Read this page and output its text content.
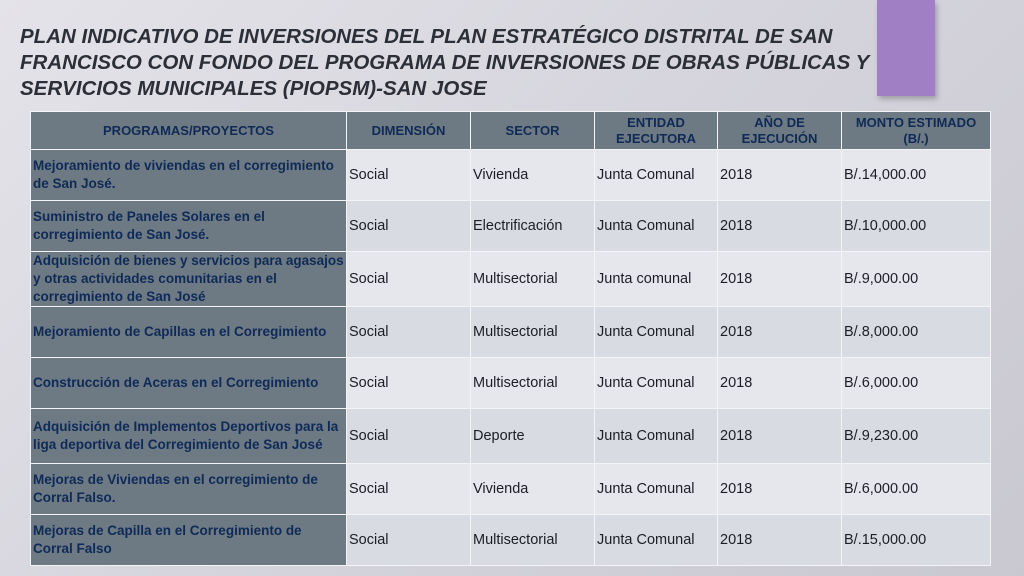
PLAN INDICATIVO DE INVERSIONES DEL PLAN ESTRATÉGICO DISTRITAL DE SAN FRANCISCO CON FONDO DEL PROGRAMA DE INVERSIONES DE OBRAS PÚBLICAS Y SERVICIOS MUNICIPALES (PIOPSM)-SAN JOSE
PROGRAMAS/PROYECTOS	DIMENSIÓN	SECTOR	ENTIDAD EJECUTORA	AÑO DE EJECUCIÓN	MONTO ESTIMADO (B/.)
Mejoramiento de viviendas en el corregimiento de San José.	Social	Vivienda	Junta Comunal	2018	B/.14,000.00
Suministro de Paneles Solares en el corregimiento de San José.	Social	Electrificación	Junta Comunal	2018	B/.10,000.00
Adquisición de bienes y servicios para agasajos y otras actividades comunitarias en el corregimiento de San José	Social	Multisectorial	Junta comunal	2018	B/.9,000.00
Mejoramiento de Capillas en el Corregimiento	Social	Multisectorial	Junta Comunal	2018	B/.8,000.00
Construcción de Aceras en el Corregimiento	Social	Multisectorial	Junta Comunal	2018	B/.6,000.00
Adquisición de Implementos Deportivos para la liga deportiva del Corregimiento de San José	Social	Deporte	Junta Comunal	2018	B/.9,230.00
Mejoras de Viviendas en el corregimiento de Corral Falso.	Social	Vivienda	Junta Comunal	2018	B/.6,000.00
Mejoras de Capilla en el Corregimiento de Corral Falso	Social	Multisectorial	Junta Comunal	2018	B/.15,000.00
